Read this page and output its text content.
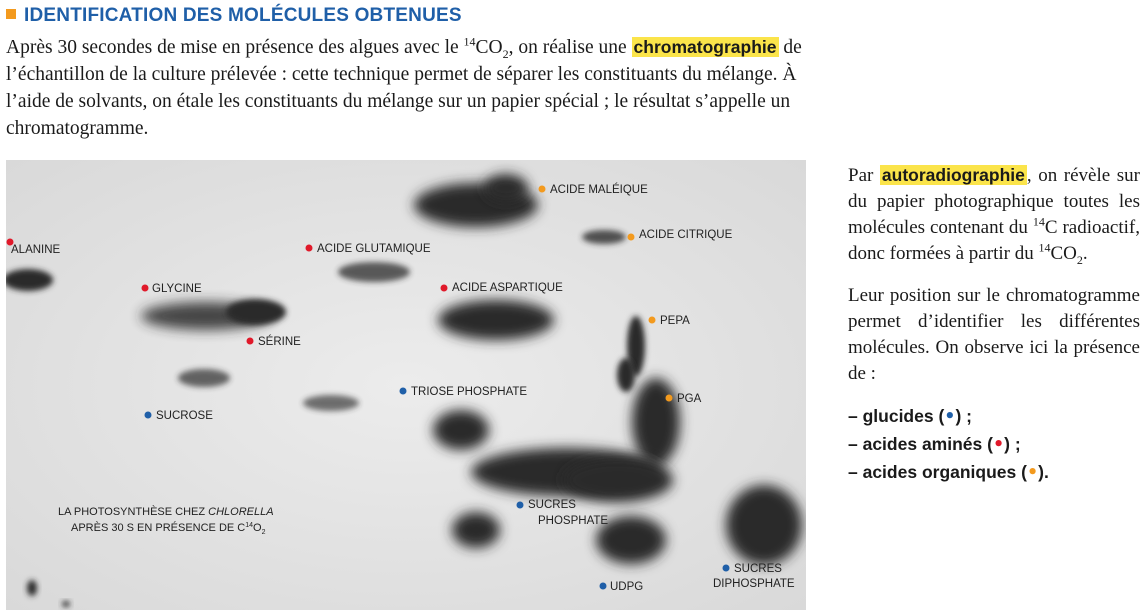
IDENTIFICATION DES MOLÉCULES OBTENUES
Après 30 secondes de mise en présence des algues avec le $^{14}CO_2$, on réalise une chromatographie de l’échantillon de la culture prélevée : cette technique permet de séparer les constituants du mélange. À l’aide de solvants, on étale les constituants du mélange sur un papier spécial ; le résultat s’appelle un chromatogramme.
ACIDE MALÉIQUE
ALANINE	ACIDE GLUTAMIQUE
ACIDE CITRIQUE
GLYCINE	ACIDE ASPARTIQUE
PEPA
SÉRINE
TRIOSE PHOSPHATE
PGA
SUCROSE
SUCRES
PHOSPHATE
SUCRES
DIPHOSPHATE
UDPG
LA PHOTOSYNTHÈSE CHEZ CHLORELLA
APRÈS 30 S EN PRÉSENCE DE $C^{14}O_2$

Par autoradiographie , on révèle sur du papier photographique toutes les molécules contenant du $^{14}$C radioactif, donc formées à partir du $^{14}CO_2$.

Leur position sur le chromatogramme permet d’identifier les différentes molécules. On observe ici la présence de :

– glucides (•) ;
– acides aminés (•) ;
– acides organiques (•).
